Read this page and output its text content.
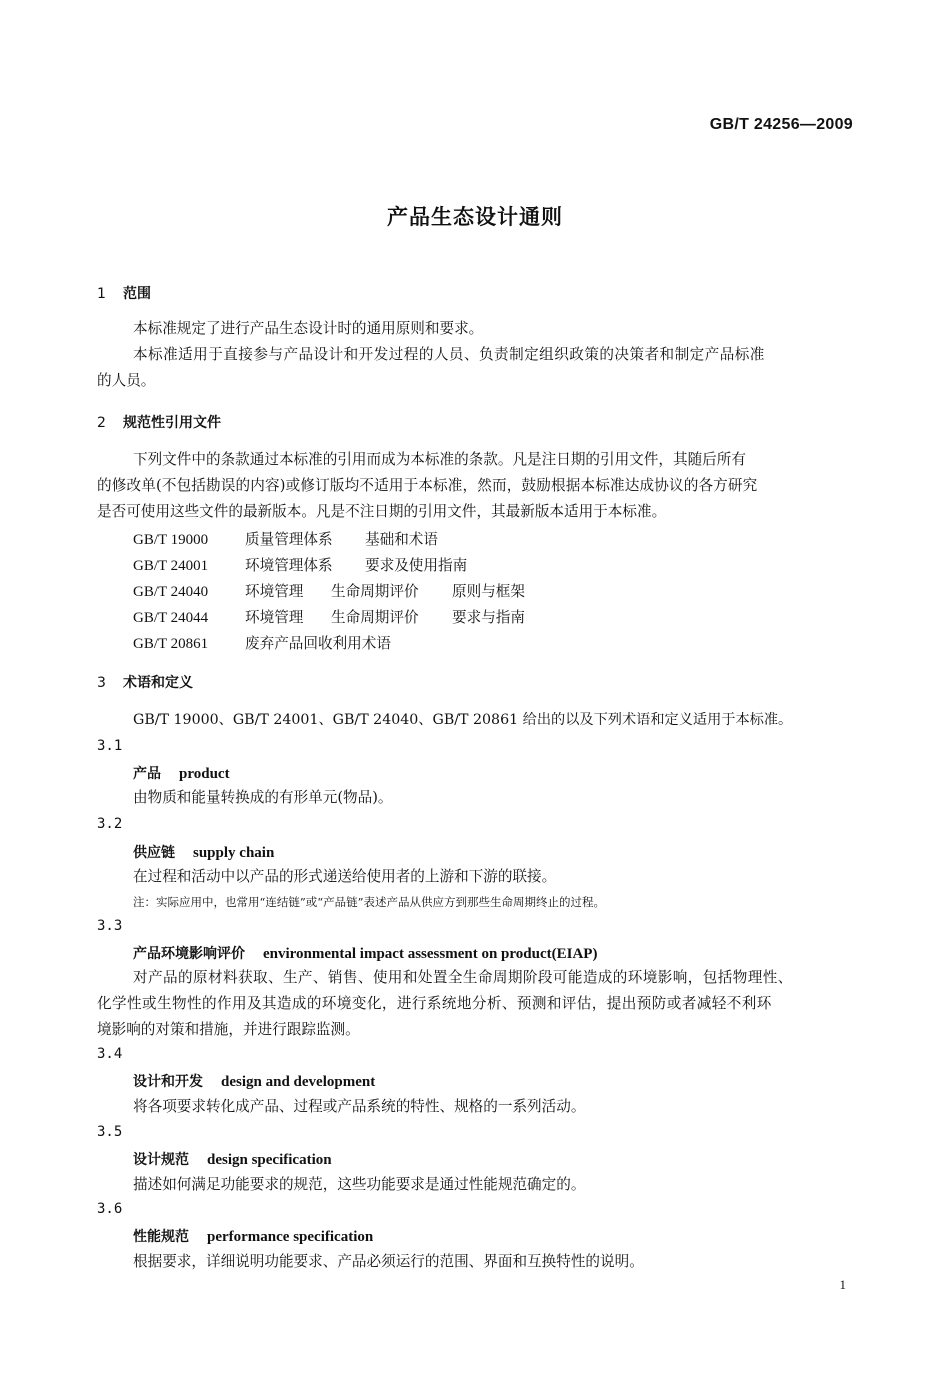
GB/T 24256—2009
产品生态设计通则
1 范围
本标准规定了进行产品生态设计时的通用原则和要求。
本标准适用于直接参与产品设计和开发过程的人员、负责制定组织政策的决策者和制定产品标准
的人员。
2 规范性引用文件
下列文件中的条款通过本标准的引用而成为本标准的条款。凡是注日期的引用文件，其随后所有
的修改单(不包括勘误的内容)或修订版均不适用于本标准，然而，鼓励根据本标准达成协议的各方研究
是否可使用这些文件的最新版本。凡是不注日期的引用文件，其最新版本适用于本标准。
GB/T 19000	质量管理体系 基础和术语
GB/T 24001	环境管理体系 要求及使用指南
GB/T 24040	环境管理 生命周期评价 原则与框架
GB/T 24044	环境管理 生命周期评价 要求与指南
GB/T 20861	废弃产品回收利用术语
3 术语和定义
GB/T 19000、GB/T 24001、GB/T 24040、GB/T 20861 给出的以及下列术语和定义适用于本标准。
3.1
产品 product
由物质和能量转换成的有形单元(物品)。
3.2
供应链 supply chain
在过程和活动中以产品的形式递送给使用者的上游和下游的联接。
注：实际应用中，也常用“连结链”或“产品链”表述产品从供应方到那些生命周期终止的过程。
3.3
产品环境影响评价 environmental impact assessment on product(EIAP)
对产品的原材料获取、生产、销售、使用和处置全生命周期阶段可能造成的环境影响，包括物理性、
化学性或生物性的作用及其造成的环境变化，进行系统地分析、预测和评估，提出预防或者减轻不利环
境影响的对策和措施，并进行跟踪监测。
3.4
设计和开发 design and development
将各项要求转化成产品、过程或产品系统的特性、规格的一系列活动。
3.5
设计规范 design specification
描述如何满足功能要求的规范，这些功能要求是通过性能规范确定的。
3.6
性能规范 performance specification
根据要求，详细说明功能要求、产品必须运行的范围、界面和互换特性的说明。
1
